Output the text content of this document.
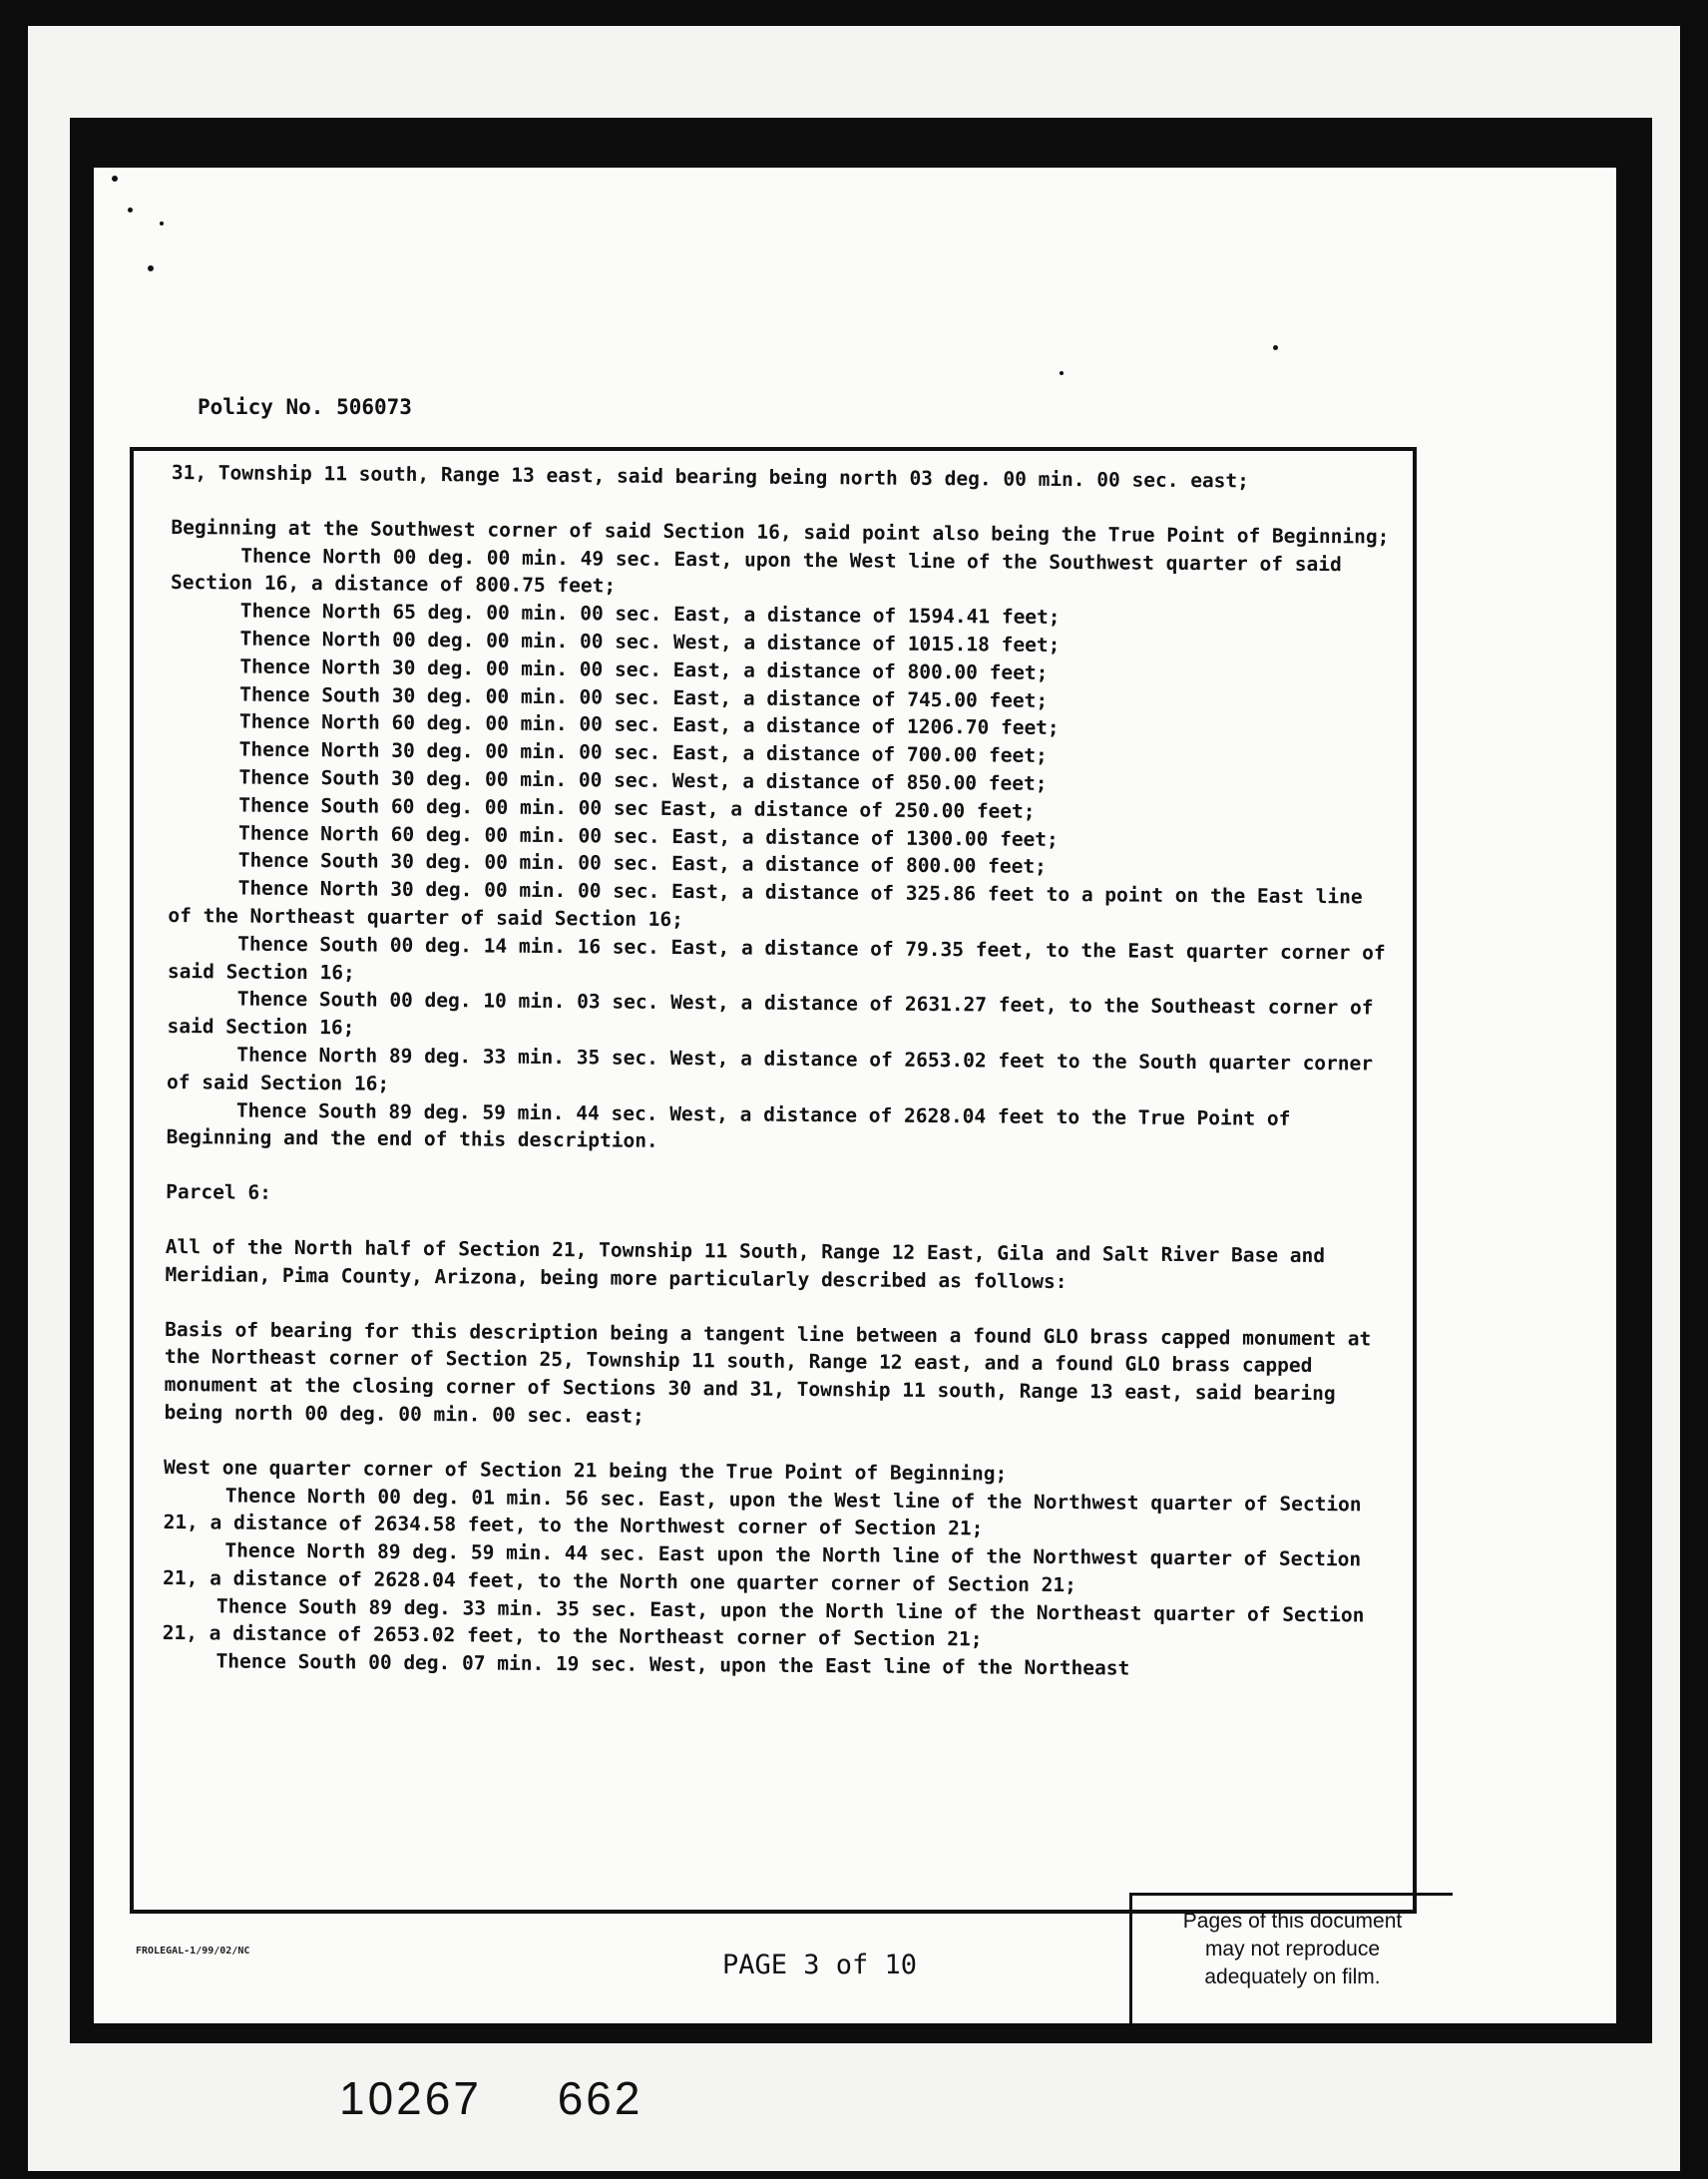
Policy No. 506073

31, Township 11 south, Range 13 east, said bearing being north 03 deg. 00 min. 00 sec. east;

Beginning at the Southwest corner of said Section 16, said point also being the True Point of Beginning;

Thence North 00 deg. 00 min. 49 sec. East, upon the West line of the Southwest quarter of said Section 16, a distance of 800.75 feet;

Thence North 65 deg. 00 min. 00 sec. East, a distance of 1594.41 feet;

Thence North 00 deg. 00 min. 00 sec. West, a distance of 1015.18 feet;

Thence North 30 deg. 00 min. 00 sec. East, a distance of 800.00 feet;

Thence South 30 deg. 00 min. 00 sec. East, a distance of 745.00 feet;

Thence North 60 deg. 00 min. 00 sec. East, a distance of 1206.70 feet;

Thence North 30 deg. 00 min. 00 sec. East, a distance of 700.00 feet;

Thence South 30 deg. 00 min. 00 sec. West, a distance of 850.00 feet;

Thence South 60 deg. 00 min. 00 sec East, a distance of 250.00 feet;

Thence North 60 deg. 00 min. 00 sec. East, a distance of 1300.00 feet;

Thence South 30 deg. 00 min. 00 sec. East, a distance of 800.00 feet;

Thence North 30 deg. 00 min. 00 sec. East, a distance of 325.86 feet to a point on the East line of the Northeast quarter of said Section 16;

Thence South 00 deg. 14 min. 16 sec. East, a distance of 79.35 feet, to the East quarter corner of said Section 16;

Thence South 00 deg. 10 min. 03 sec. West, a distance of 2631.27 feet, to the Southeast corner of said Section 16;

Thence North 89 deg. 33 min. 35 sec. West, a distance of 2653.02 feet to the South quarter corner of said Section 16;

Thence South 89 deg. 59 min. 44 sec. West, a distance of 2628.04 feet to the True Point of Beginning and the end of this description.

Parcel 6:

All of the North half of Section 21, Township 11 South, Range 12 East, Gila and Salt River Base and Meridian, Pima County, Arizona, being more particularly described as follows:

Basis of bearing for this description being a tangent line between a found GLO brass capped monument at the Northeast corner of Section 25, Township 11 south, Range 12 east, and a found GLO brass capped monument at the closing corner of Sections 30 and 31, Township 11 south, Range 13 east, said bearing being north 00 deg. 00 min. 00 sec. east;

West one quarter corner of Section 21 being the True Point of Beginning;

Thence North 00 deg. 01 min. 56 sec. East, upon the West line of the Northwest quarter of Section 21, a distance of 2634.58 feet, to the Northwest corner of Section 21;

Thence North 89 deg. 59 min. 44 sec. East upon the North line of the Northwest quarter of Section 21, a distance of 2628.04 feet, to the North one quarter corner of Section 21;

Thence South 89 deg. 33 min. 35 sec. East, upon the North line of the Northeast quarter of Section 21, a distance of 2653.02 feet, to the Northeast corner of Section 21;

Thence South 00 deg. 07 min. 19 sec. West, upon the East line of the Northeast

FROLEGAL-1/99/02/NC	PAGE 3 of 10
Pages of this document
may not reproduce
adequately on film.
10267 662
